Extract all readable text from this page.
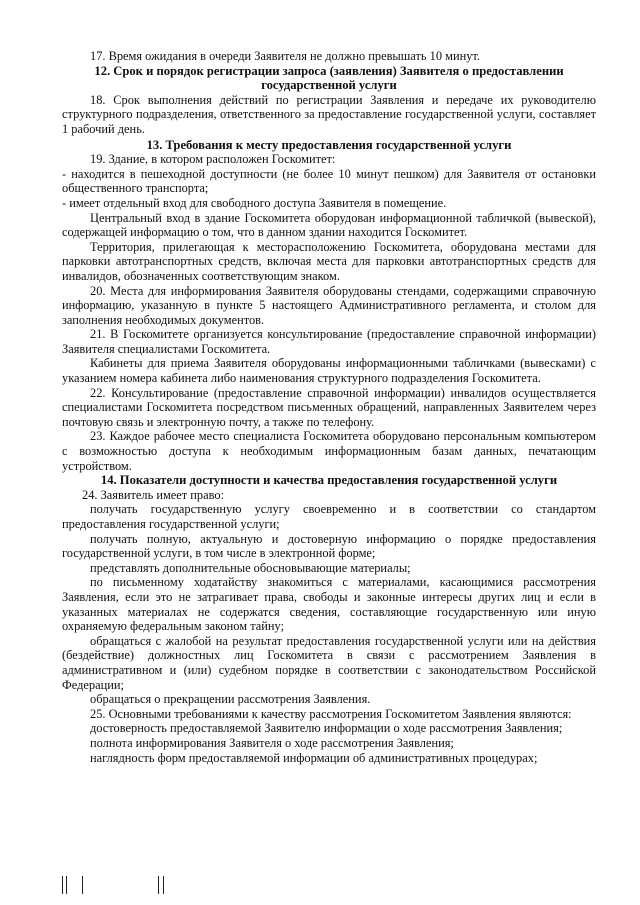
17. Время ожидания в очереди Заявителя не должно превышать 10 минут.

12. Срок и порядок регистрации запроса (заявления) Заявителя о предоставлении государственной услуги

18. Срок выполнения действий по регистрации Заявления и передаче их руководителю структурного подразделения, ответственного за предоставление государственной услуги, составляет 1 рабочий день.

13. Требования к месту предоставления государственной услуги

19. Здание, в котором расположен Госкомитет:

- находится в пешеходной доступности (не более 10 минут пешком) для Заявителя от остановки общественного транспорта;

- имеет отдельный вход для свободного доступа Заявителя в помещение.

Центральный вход в здание Госкомитета оборудован информационной табличкой (вывеской), содержащей информацию о том, что в данном здании находится Госкомитет.

Территория, прилегающая к месторасположению Госкомитета, оборудована местами для парковки автотранспортных средств, включая места для парковки автотранспортных средств для инвалидов, обозначенных соответствующим знаком.

20. Места для информирования Заявителя оборудованы стендами, содержащими справочную информацию, указанную в пункте 5 настоящего Административного регламента, и столом для заполнения необходимых документов.

21. В Госкомитете организуется консультирование (предоставление справочной информации) Заявителя специалистами Госкомитета.

Кабинеты для приема Заявителя оборудованы информационными табличками (вывесками) с указанием номера кабинета либо наименования структурного подразделения Госкомитета.

22. Консультирование (предоставление справочной информации) инвалидов осуществляется специалистами Госкомитета посредством письменных обращений, направленных Заявителем через почтовую связь и электронную почту, а также по телефону.

23. Каждое рабочее место специалиста Госкомитета оборудовано персональным компьютером с возможностью доступа к необходимым информационным базам данных, печатающим устройством.

14. Показатели доступности и качества предоставления государственной услуги

24. Заявитель имеет право:

получать государственную услугу своевременно и в соответствии со стандартом предоставления государственной услуги;

получать полную, актуальную и достоверную информацию о порядке предоставления государственной услуги, в том числе в электронной форме;

представлять дополнительные обосновывающие материалы;

по письменному ходатайству знакомиться с материалами, касающимися рассмотрения Заявления, если это не затрагивает права, свободы и законные интересы других лиц и если в указанных материалах не содержатся сведения, составляющие государственную или иную охраняемую федеральным законом тайну;

обращаться с жалобой на результат предоставления государственной услуги или на действия (бездействие) должностных лиц Госкомитета в связи с рассмотрением Заявления в административном и (или) судебном порядке в соответствии с законодательством Российской Федерации;

обращаться о прекращении рассмотрения Заявления.

25. Основными требованиями к качеству рассмотрения Госкомитетом Заявления являются:

достоверность предоставляемой Заявителю информации о ходе рассмотрения Заявления;

полнота информирования Заявителя о ходе рассмотрения Заявления;

наглядность форм предоставляемой информации об административных процедурах;
